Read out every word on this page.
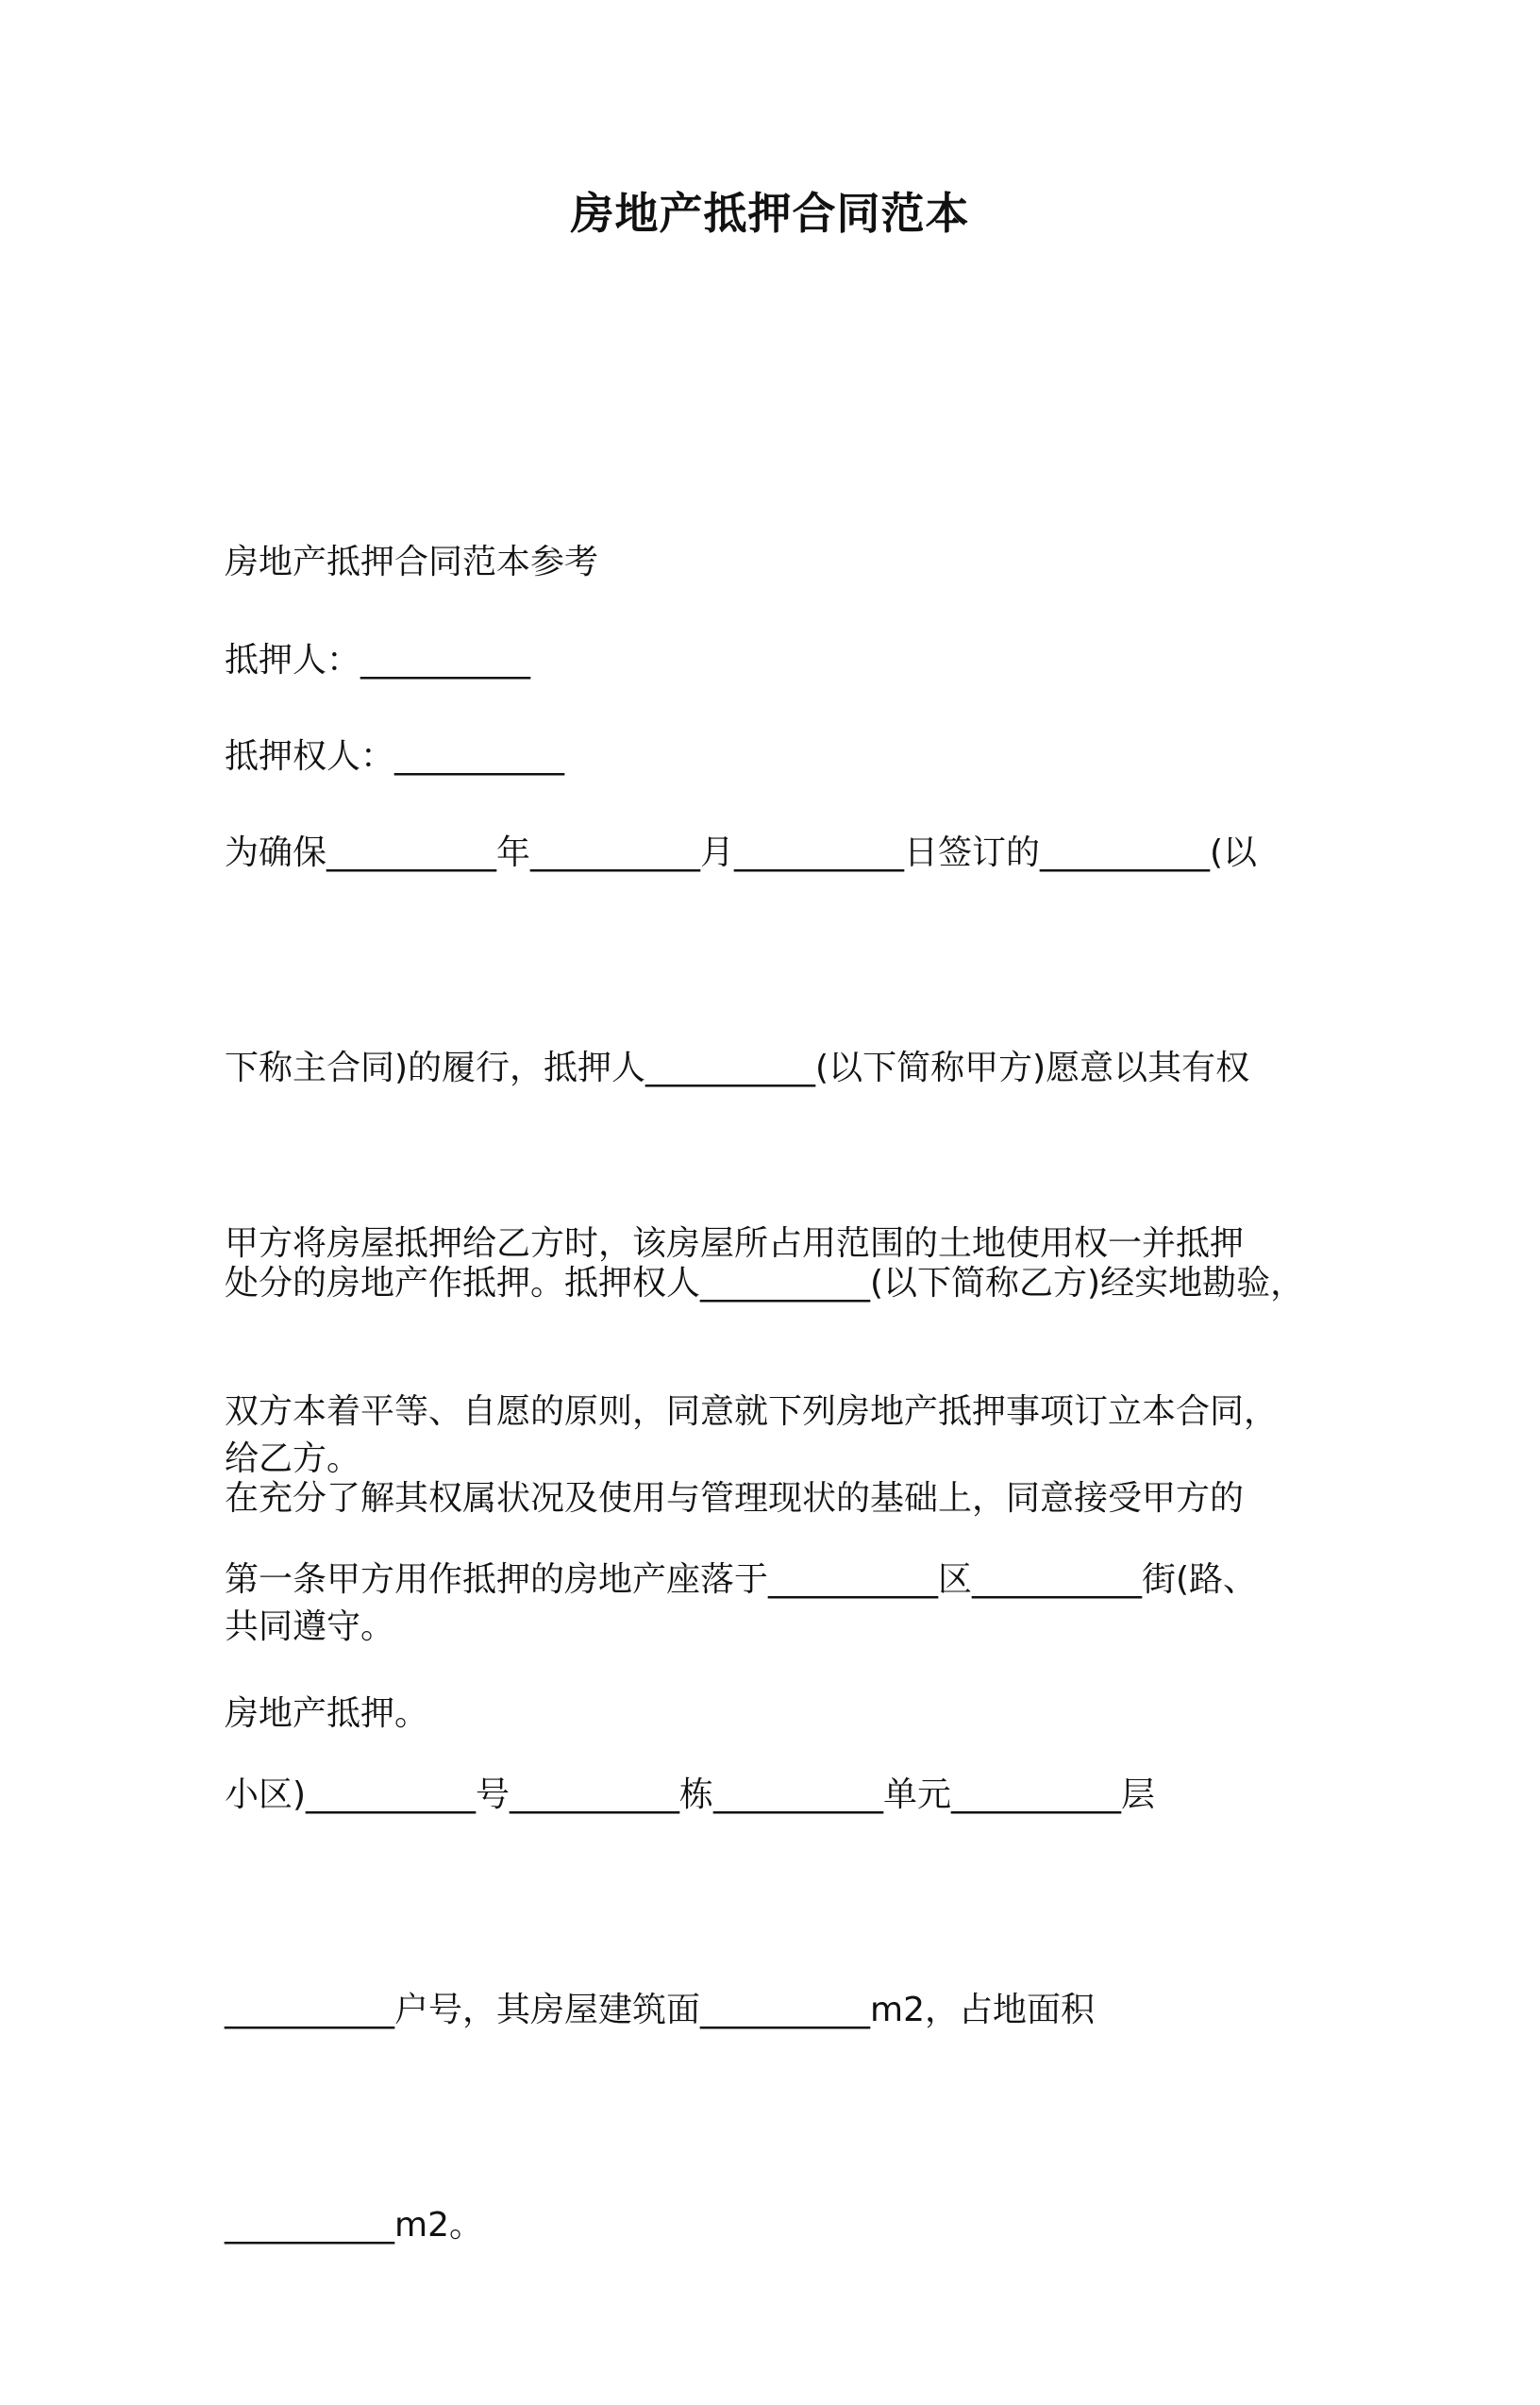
房地产抵押合同范本

房地产抵押合同范本参考

抵押人：__________

抵押权人：__________

为确保__________年__________月__________日签订的__________(以

下称主合同)的履行，抵押人__________(以下简称甲方)愿意以其有权

处分的房地产作抵押。抵押权人__________(以下简称乙方)经实地勘验，

在充分了解其权属状况及使用与管理现状的基础上，同意接受甲方的

房地产抵押。

甲方将房屋抵押给乙方时，该房屋所占用范围的土地使用权一并抵押

给乙方。

双方本着平等、自愿的原则，同意就下列房地产抵押事项订立本合同，

共同遵守。

第一条甲方用作抵押的房地产座落于__________区__________街(路、

小区)__________号__________栋__________单元__________层

__________户号，其房屋建筑面__________m2，占地面积

__________m2。
